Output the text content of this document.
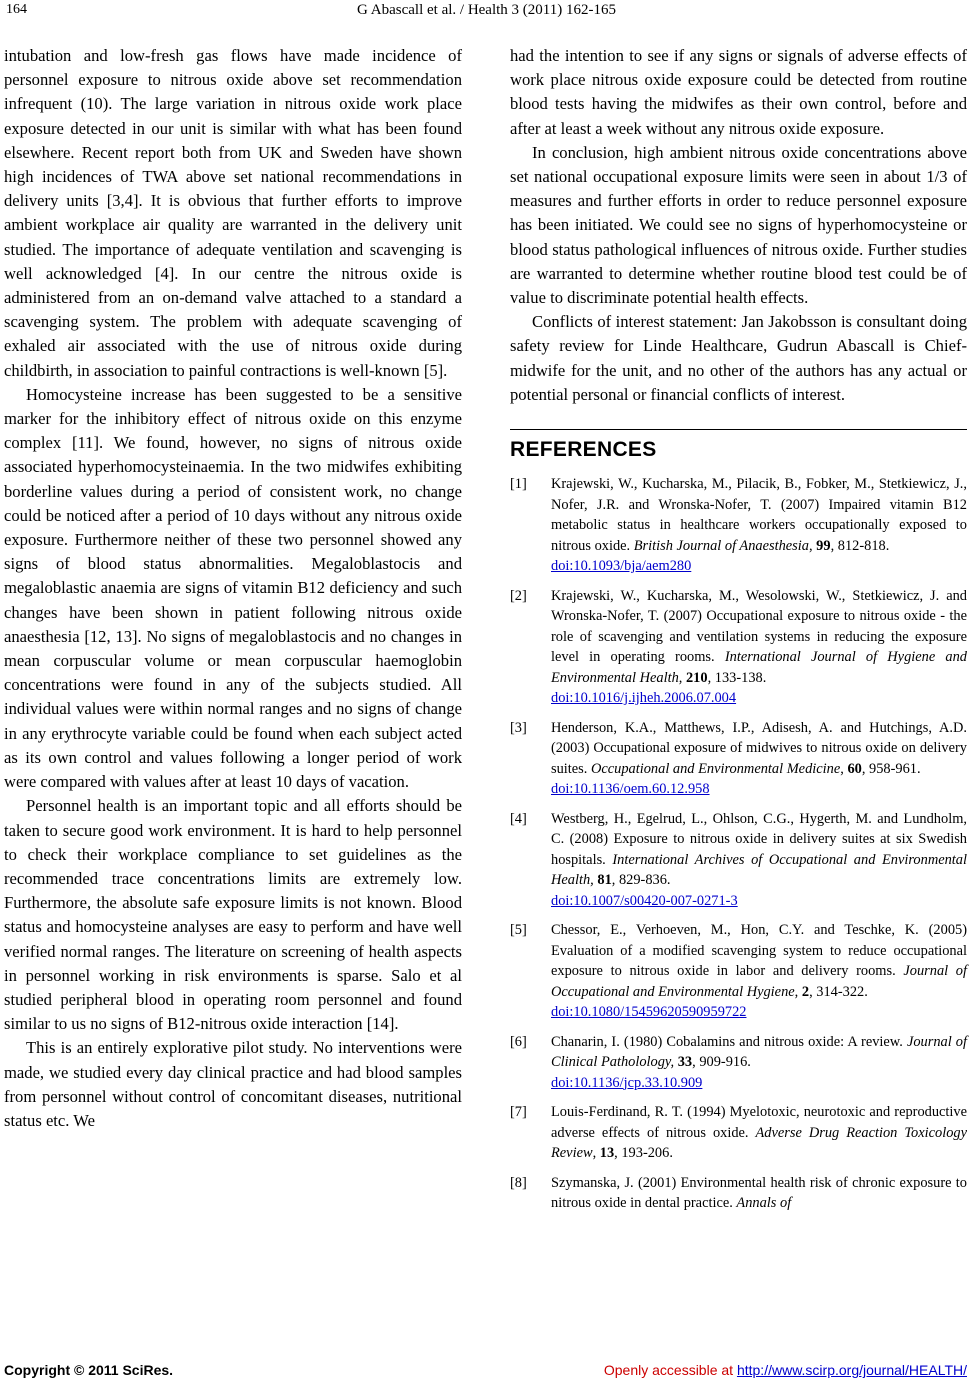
164	G Abascall et al. / Health 3 (2011) 162-165

intubation and low-fresh gas flows have made incidence of personnel exposure to nitrous oxide above set recommendation infrequent (10). The large variation in nitrous oxide work place exposure detected in our unit is similar with what has been found elsewhere. Recent report both from UK and Sweden have shown high incidences of TWA above set national recommendations in delivery units [3,4]. It is obvious that further efforts to improve ambient workplace air quality are warranted in the delivery unit studied. The importance of adequate ventilation and scavenging is well acknowledged [4]. In our centre the nitrous oxide is administered from an on-demand valve attached to a standard a scavenging system. The problem with adequate scavenging of exhaled air associated with the use of nitrous oxide during childbirth, in association to painful contractions is well-known [5].

Homocysteine increase has been suggested to be a sensitive marker for the inhibitory effect of nitrous oxide on this enzyme complex [11]. We found, however, no signs of nitrous oxide associated hyperhomocysteinaemia. In the two midwifes exhibiting borderline values during a period of consistent work, no change could be noticed after a period of 10 days without any nitrous oxide exposure. Furthermore neither of these two personnel showed any signs of blood status abnormalities. Megaloblastocis and megaloblastic anaemia are signs of vitamin B12 deficiency and such changes have been shown in patient following nitrous oxide anaesthesia [12, 13]. No signs of megaloblastocis and no changes in mean corpuscular volume or mean corpuscular haemoglobin concentrations were found in any of the subjects studied. All individual values were within normal ranges and no signs of change in any erythrocyte variable could be found when each subject acted as its own control and values following a longer period of work were compared with values after at least 10 days of vacation.

Personnel health is an important topic and all efforts should be taken to secure good work environment. It is hard to help personnel to check their workplace compliance to set guidelines as the recommended trace concentrations limits are extremely low. Furthermore, the absolute safe exposure limits is not known. Blood status and homocysteine analyses are easy to perform and have well verified normal ranges. The literature on screening of health aspects in personnel working in risk environments is sparse. Salo et al studied peripheral blood in operating room personnel and found similar to us no signs of B12-nitrous oxide interaction [14].

This is an entirely explorative pilot study. No interventions were made, we studied every day clinical practice and had blood samples from personnel without control of concomitant diseases, nutritional status etc. We

had the intention to see if any signs or signals of adverse effects of work place nitrous oxide exposure could be detected from routine blood tests having the midwifes as their own control, before and after at least a week without any nitrous oxide exposure.

In conclusion, high ambient nitrous oxide concentrations above set national occupational exposure limits were seen in about 1/3 of measures and further efforts in order to reduce personnel exposure has been initiated. We could see no signs of hyperhomocysteine or blood status pathological influences of nitrous oxide. Further studies are warranted to determine whether routine blood test could be of value to discriminate potential health effects.

Conflicts of interest statement: Jan Jakobsson is consultant doing safety review for Linde Healthcare, Gudrun Abascall is Chief-midwife for the unit, and no other of the authors has any actual or potential personal or financial conflicts of interest.

REFERENCES
[1]	Krajewski, W., Kucharska, M., Pilacik, B., Fobker, M., Stetkiewicz, J., Nofer, J.R. and Wronska-Nofer, T. (2007) Impaired vitamin B12 metabolic status in healthcare workers occupationally exposed to nitrous oxide. British Journal of Anaesthesia, 99, 812-818.
doi:10.1093/bja/aem280
[2]	Krajewski, W., Kucharska, M., Wesolowski, W., Stetkiewicz, J. and Wronska-Nofer, T. (2007) Occupational exposure to nitrous oxide - the role of scavenging and ventilation systems in reducing the exposure level in operating rooms. International Journal of Hygiene and Environmental Health, 210, 133-138.
doi:10.1016/j.ijheh.2006.07.004
[3]	Henderson, K.A., Matthews, I.P., Adisesh, A. and Hutchings, A.D. (2003) Occupational exposure of midwives to nitrous oxide on delivery suites. Occupational and Environmental Medicine, 60, 958-961.
doi:10.1136/oem.60.12.958
[4]	Westberg, H., Egelrud, L., Ohlson, C.G., Hygerth, M. and Lundholm, C. (2008) Exposure to nitrous oxide in delivery suites at six Swedish hospitals. International Archives of Occupational and Environmental Health, 81, 829-836.
doi:10.1007/s00420-007-0271-3
[5]	Chessor, E., Verhoeven, M., Hon, C.Y. and Teschke, K. (2005) Evaluation of a modified scavenging system to reduce occupational exposure to nitrous oxide in labor and delivery rooms. Journal of Occupational and Environmental Hygiene, 2, 314-322.
doi:10.1080/15459620590959722
[6]	Chanarin, I. (1980) Cobalamins and nitrous oxide: A review. Journal of Clinical Patholology, 33, 909-916.
doi:10.1136/jcp.33.10.909
[7]	Louis-Ferdinand, R. T. (1994) Myelotoxic, neurotoxic and reproductive adverse effects of nitrous oxide. Adverse Drug Reaction Toxicology Review, 13, 193-206.
[8]	Szymanska, J. (2001) Environmental health risk of chronic exposure to nitrous oxide in dental practice. Annals of
Copyright © 2011 SciRes.	Openly accessible at http://www.scirp.org/journal/HEALTH/
